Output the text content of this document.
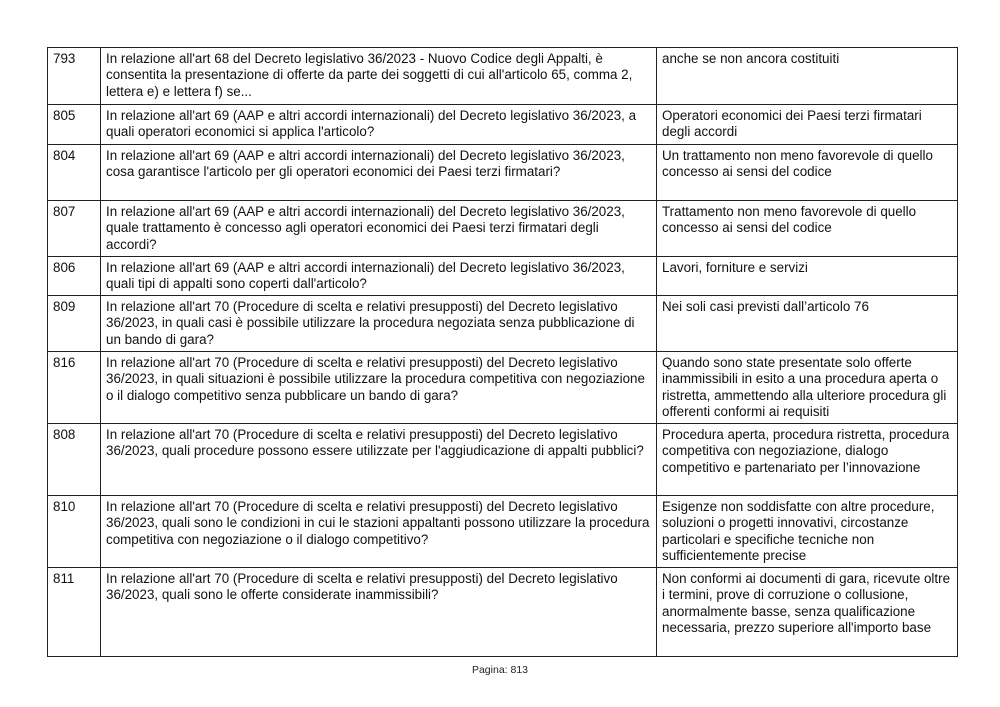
793	In relazione all'art 68 del Decreto legislativo 36/2023 - Nuovo Codice degli Appalti, è consentita la presentazione di offerte da parte dei soggetti di cui all'articolo 65, comma 2, lettera e) e lettera f) se...	anche se non ancora costituiti
805	In relazione all'art 69 (AAP e altri accordi internazionali) del Decreto legislativo 36/2023, a quali operatori economici si applica l'articolo?	Operatori economici dei Paesi terzi firmatari degli accordi
804	In relazione all'art 69 (AAP e altri accordi internazionali) del Decreto legislativo 36/2023, cosa garantisce l'articolo per gli operatori economici dei Paesi terzi firmatari?	Un trattamento non meno favorevole di quello concesso ai sensi del codice
807	In relazione all'art 69 (AAP e altri accordi internazionali) del Decreto legislativo 36/2023, quale trattamento è concesso agli operatori economici dei Paesi terzi firmatari degli accordi?	Trattamento non meno favorevole di quello concesso ai sensi del codice
806	In relazione all'art 69 (AAP e altri accordi internazionali) del Decreto legislativo 36/2023, quali tipi di appalti sono coperti dall'articolo?	Lavori, forniture e servizi
809	In relazione all'art 70 (Procedure di scelta e relativi presupposti) del Decreto legislativo 36/2023, in quali casi è possibile utilizzare la procedura negoziata senza pubblicazione di un bando di gara?	Nei soli casi previsti dall’articolo 76
816	In relazione all'art 70 (Procedure di scelta e relativi presupposti) del Decreto legislativo 36/2023, in quali situazioni è possibile utilizzare la procedura competitiva con negoziazione o il dialogo competitivo senza pubblicare un bando di gara?	Quando sono state presentate solo offerte inammissibili in esito a una procedura aperta o ristretta, ammettendo alla ulteriore procedura gli offerenti conformi ai requisiti
808	In relazione all'art 70 (Procedure di scelta e relativi presupposti) del Decreto legislativo 36/2023, quali procedure possono essere utilizzate per l'aggiudicazione di appalti pubblici?	Procedura aperta, procedura ristretta, procedura competitiva con negoziazione, dialogo competitivo e partenariato per l’innovazione
810	In relazione all'art 70 (Procedure di scelta e relativi presupposti) del Decreto legislativo 36/2023, quali sono le condizioni in cui le stazioni appaltanti possono utilizzare la procedura competitiva con negoziazione o il dialogo competitivo?	Esigenze non soddisfatte con altre procedure, soluzioni o progetti innovativi, circostanze particolari e specifiche tecniche non sufficientemente precise
811	In relazione all'art 70 (Procedure di scelta e relativi presupposti) del Decreto legislativo 36/2023, quali sono le offerte considerate inammissibili?	Non conformi ai documenti di gara, ricevute oltre i termini, prove di corruzione o collusione, anormalmente basse, senza qualificazione necessaria, prezzo superiore all'importo base
Pagina: 813
